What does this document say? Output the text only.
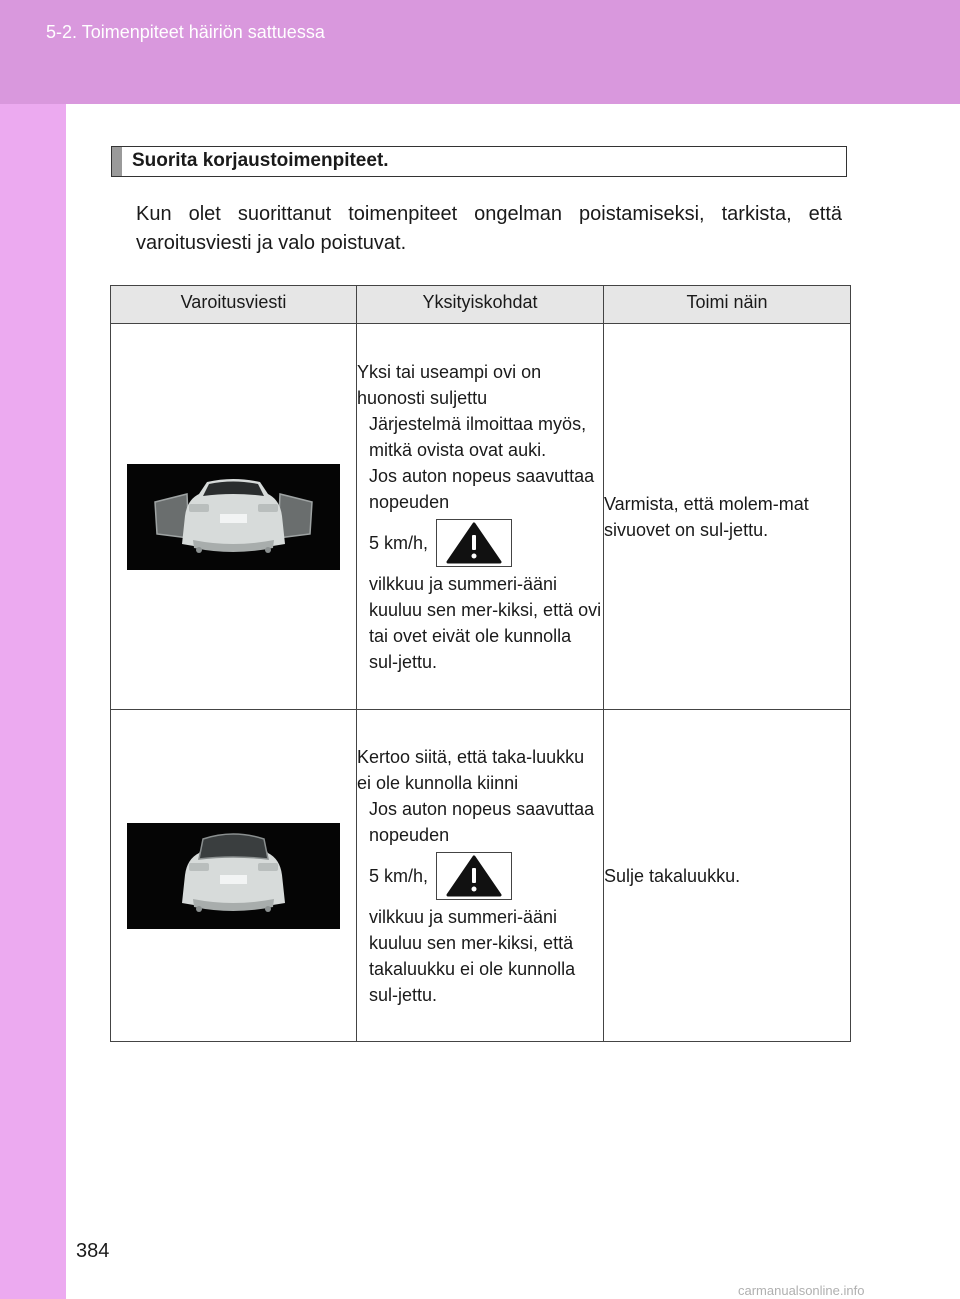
5-2. Toimenpiteet häiriön sattuessa
Suorita korjaustoimenpiteet.
Kun olet suorittanut toimenpiteet ongelman poistamiseksi, tarkista, että varoitusviesti ja valo poistuvat.
Varoitusviesti	Yksityiskohdat	Toimi näin

Yksi tai useampi ovi on huonosti suljettu
Järjestelmä ilmoittaa myös, mitkä ovista ovat auki.
Jos auton nopeus saavuttaa nopeuden
5 km/h,
vilkkuu ja summeri-ääni kuuluu sen mer-kiksi, että ovi tai ovet eivät ole kunnolla sul-jettu.	Varmista, että molem-mat sivuovet on sul-jettu.

Kertoo siitä, että taka-luukku ei ole kunnolla kiinni
Jos auton nopeus saavuttaa nopeuden
5 km/h,
vilkkuu ja summeri-ääni kuuluu sen mer-kiksi, että takaluukku ei ole kunnolla sul-jettu.	Sulje takaluukku.
384
carmanualsonline.info
